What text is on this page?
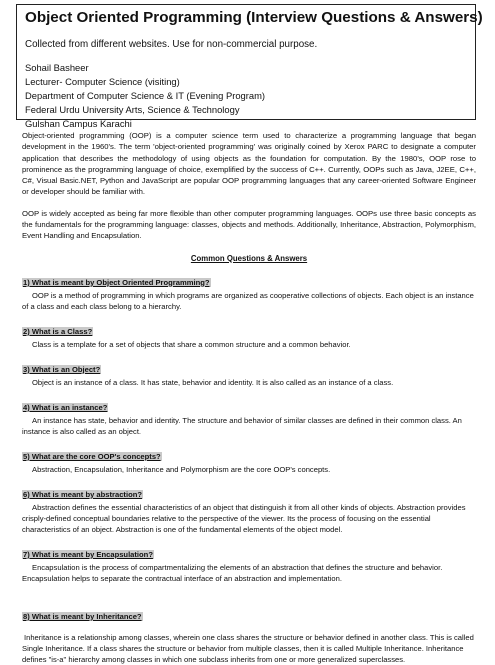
Object Oriented Programming (Interview Questions & Answers)
Collected from different websites. Use for non-commercial purpose.
Sohail Basheer
Lecturer- Computer Science (visiting)
Department of Computer Science & IT (Evening Program)
Federal Urdu University Arts, Science & Technology
Gulshan Campus Karachi

Object-oriented programming (OOP) is a computer science term used to characterize a programming language that began development in the 1960's. The term 'object-oriented programming' was originally coined by Xerox PARC to designate a computer application that describes the methodology of using objects as the foundation for computation. By the 1980's, OOP rose to prominence as the programming language of choice, exemplified by the success of C++. Currently, OOPs such as Java, J2EE, C++, C#, Visual Basic.NET, Python and JavaScript are popular OOP programming languages that any career-oriented Software Engineer or developer should be familiar with.

OOP is widely accepted as being far more flexible than other computer programming languages. OOPs use three basic concepts as the fundamentals for the programming language: classes, objects and methods. Additionally, Inheritance, Abstraction, Polymorphism, Event Handling and Encapsulation.

Common Questions & Answers
1) What is meant by Object Oriented Programming?

OOP is a method of programming in which programs are organized as cooperative collections of objects. Each object is an instance of a class and each class belong to a hierarchy.

2) What is a Class?

Class is a template for a set of objects that share a common structure and a common behavior.

3) What is an Object?

Object is an instance of a class. It has state, behavior and identity. It is also called as an instance of a class.

4) What is an instance?

An instance has state, behavior and identity. The structure and behavior of similar classes are defined in their common class. An instance is also called as an object.

5) What are the core OOP's concepts?

Abstraction, Encapsulation, Inheritance and Polymorphism are the core OOP's concepts.

6) What is meant by abstraction?

Abstraction defines the essential characteristics of an object that distinguish it from all other kinds of objects. Abstraction provides crisply-defined conceptual boundaries relative to the perspective of the viewer. Its the process of focusing on the essential characteristics of an object. Abstraction is one of the fundamental elements of the object model.

7) What is meant by Encapsulation?

Encapsulation is the process of compartmentalizing the elements of an abstraction that defines the structure and behavior. Encapsulation helps to separate the contractual interface of an abstraction and implementation.

8) What is meant by Inheritance?

Inheritance is a relationship among classes, wherein one class shares the structure or behavior defined in another class. This is called Single Inheritance. If a class shares the structure or behavior from multiple classes, then it is called Multiple Inheritance. Inheritance defines "is-a" hierarchy among classes in which one subclass inherits from one or more generalized superclasses.
